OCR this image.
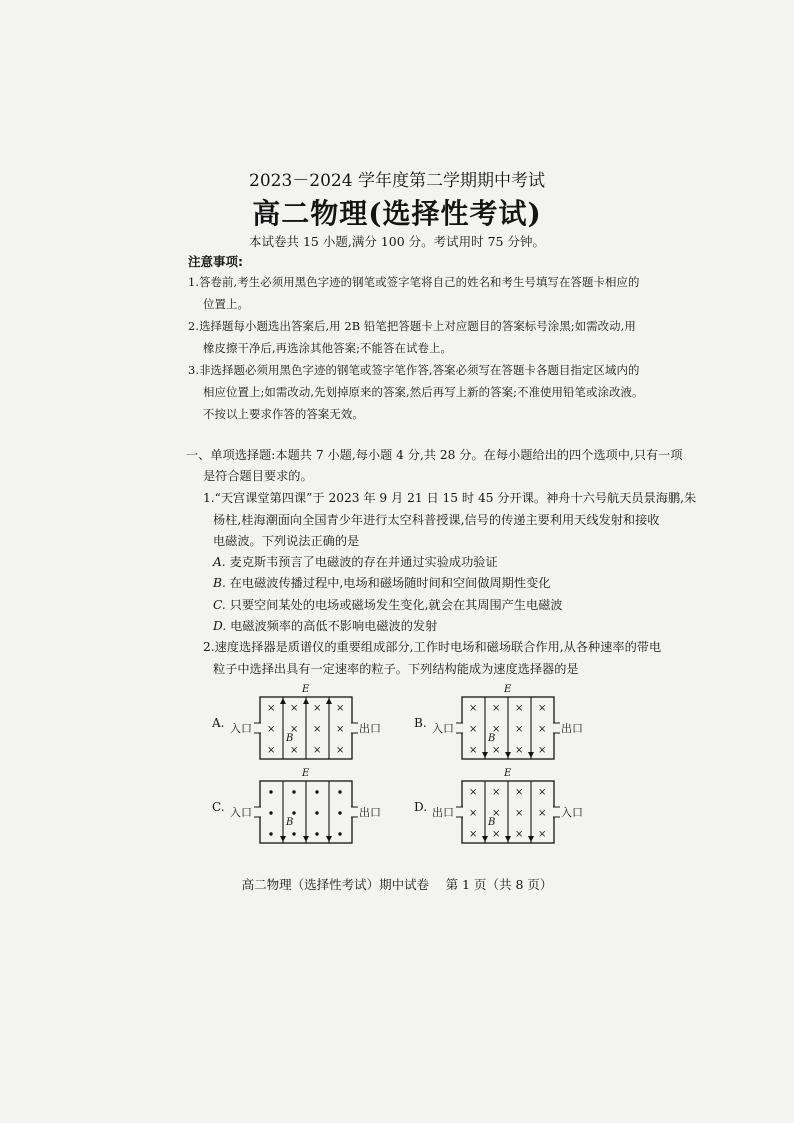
2023－2024 学年度第二学期期中考试
高二物理(选择性考试)
本试卷共 15 小题,满分 100 分。考试用时 75 分钟。
注意事项:
1.答卷前,考生必须用黑色字迹的钢笔或签字笔将自己的姓名和考生号填写在答题卡相应的
位置上。
2.选择题每小题选出答案后,用 2B 铅笔把答题卡上对应题目的答案标号涂黑;如需改动,用
橡皮擦干净后,再选涂其他答案;不能答在试卷上。
3.非选择题必须用黑色字迹的钢笔或签字笔作答,答案必须写在答题卡各题目指定区域内的
相应位置上;如需改动,先划掉原来的答案,然后再写上新的答案;不准使用铅笔或涂改液。
不按以上要求作答的答案无效。
一、单项选择题:本题共 7 小题,每小题 4 分,共 28 分。在每小题给出的四个选项中,只有一项
是符合题目要求的。
1.“天宫课堂第四课”于 2023 年 9 月 21 日 15 时 45 分开课。神舟十六号航天员景海鹏,朱
杨柱,桂海潮面向全国青少年进行太空科普授课,信号的传递主要利用天线发射和接收
电磁波。下列说法正确的是
A. 麦克斯韦预言了电磁波的存在并通过实验成功验证
B. 在电磁波传播过程中,电场和磁场随时间和空间做周期性变化
C. 只要空间某处的电场或磁场发生变化,就会在其周围产生电磁波
D. 电磁波频率的高低不影响电磁波的发射
2.速度选择器是质谱仪的重要组成部分,工作时电场和磁场联合作用,从各种速率的带电
粒子中选择出具有一定速率的粒子。下列结构能成为速度选择器的是
A. 入口	出口
E
×
×
×
×
×
×
×
×
×
×
×
×
B
B. 入口	出口
E
×
×
×
×
×
×
×
×
×
×
×
×
B
C. 入口	出口
E
B
D. 出口	入口
E
×
×
×
×
×
×
×
×
×
×
×
×
B
高二物理（选择性考试）期中试卷　 第 1 页（共 8 页）
